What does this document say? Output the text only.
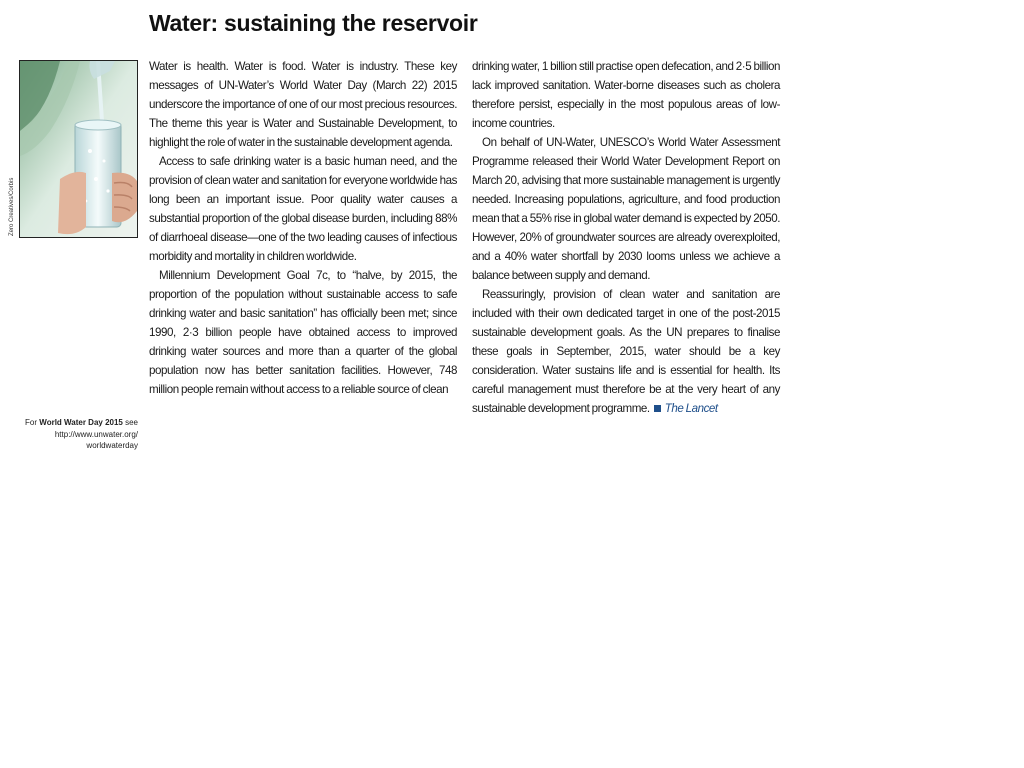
Water: sustaining the reservoir
Zero Creatives/Corbis
For World Water Day 2015 see
http://www.unwater.org/
worldwaterday

Water is health. Water is food. Water is industry. These key messages of UN-Water’s World Water Day (March 22) 2015 underscore the importance of one of our most precious resources. The theme this year is Water and Sustainable Development, to highlight the role of water in the sustainable development agenda.

Access to safe drinking water is a basic human need, and the provision of clean water and sanitation for everyone worldwide has long been an important issue. Poor quality water causes a substantial proportion of the global disease burden, including 88% of diarrhoeal disease—one of the two leading causes of infectious morbidity and mortality in children worldwide.

Millennium Development Goal 7c, to “halve, by 2015, the proportion of the population without sustainable access to safe drinking water and basic sanitation” has officially been met; since 1990, 2·3 billion people have obtained access to improved drinking water sources and more than a quarter of the global population now has better sanitation facilities. However, 748 million people remain without access to a reliable source of clean

drinking water, 1 billion still practise open defecation, and 2·5 billion lack improved sanitation. Water-borne diseases such as cholera therefore persist, especially in the most populous areas of low-income countries.

On behalf of UN-Water, UNESCO’s World Water Assessment Programme released their World Water Development Report on March 20, advising that more sustainable management is urgently needed. Increasing populations, agriculture, and food production mean that a 55% rise in global water demand is expected by 2050. However, 20% of groundwater sources are already overexploited, and a 40% water shortfall by 2030 looms unless we achieve a balance between supply and demand.

Reassuringly, provision of clean water and sanitation are included with their own dedicated target in one of the post-2015 sustainable development goals. As the UN prepares to finalise these goals in September, 2015, water should be a key consideration. Water sustains life and is essential for health. Its careful management must therefore be at the very heart of any sustainable development programme. The Lancet
